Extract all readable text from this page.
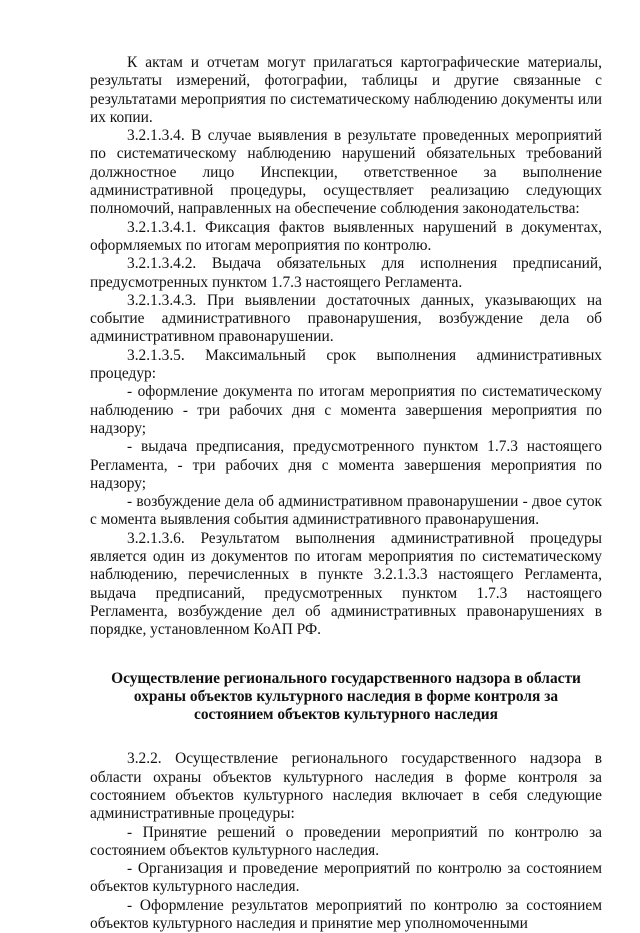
К актам и отчетам могут прилагаться картографические материалы, результаты измерений, фотографии, таблицы и другие связанные с результатами мероприятия по систематическому наблюдению документы или их копии.

3.2.1.3.4. В случае выявления в результате проведенных мероприятий по систематическому наблюдению нарушений обязательных требований должностное лицо Инспекции, ответственное за выполнение административной процедуры, осуществляет реализацию следующих полномочий, направленных на обеспечение соблюдения законодательства:

3.2.1.3.4.1. Фиксация фактов выявленных нарушений в документах, оформляемых по итогам мероприятия по контролю.

3.2.1.3.4.2. Выдача обязательных для исполнения предписаний, предусмотренных пунктом 1.7.3 настоящего Регламента.

3.2.1.3.4.3. При выявлении достаточных данных, указывающих на событие административного правонарушения, возбуждение дела об административном правонарушении.

3.2.1.3.5. Максимальный срок выполнения административных процедур:

- оформление документа по итогам мероприятия по систематическому наблюдению - три рабочих дня с момента завершения мероприятия по надзору;

- выдача предписания, предусмотренного пунктом 1.7.3 настоящего Регламента, - три рабочих дня с момента завершения мероприятия по надзору;

- возбуждение дела об административном правонарушении - двое суток с момента выявления события административного правонарушения.

3.2.1.3.6. Результатом выполнения административной процедуры является один из документов по итогам мероприятия по систематическому наблюдению, перечисленных в пункте 3.2.1.3.3 настоящего Регламента, выдача предписаний, предусмотренных пунктом 1.7.3 настоящего Регламента, возбуждение дел об административных правонарушениях в порядке, установленном КоАП РФ.

Осуществление регионального государственного надзора в области охраны объектов культурного наследия в форме контроля за состоянием объектов культурного наследия

3.2.2. Осуществление регионального государственного надзора в области охраны объектов культурного наследия в форме контроля за состоянием объектов культурного наследия включает в себя следующие административные процедуры:

- Принятие решений о проведении мероприятий по контролю за состоянием объектов культурного наследия.

- Организация и проведение мероприятий по контролю за состоянием объектов культурного наследия.

- Оформление результатов мероприятий по контролю за состоянием объектов культурного наследия и принятие мер уполномоченными
